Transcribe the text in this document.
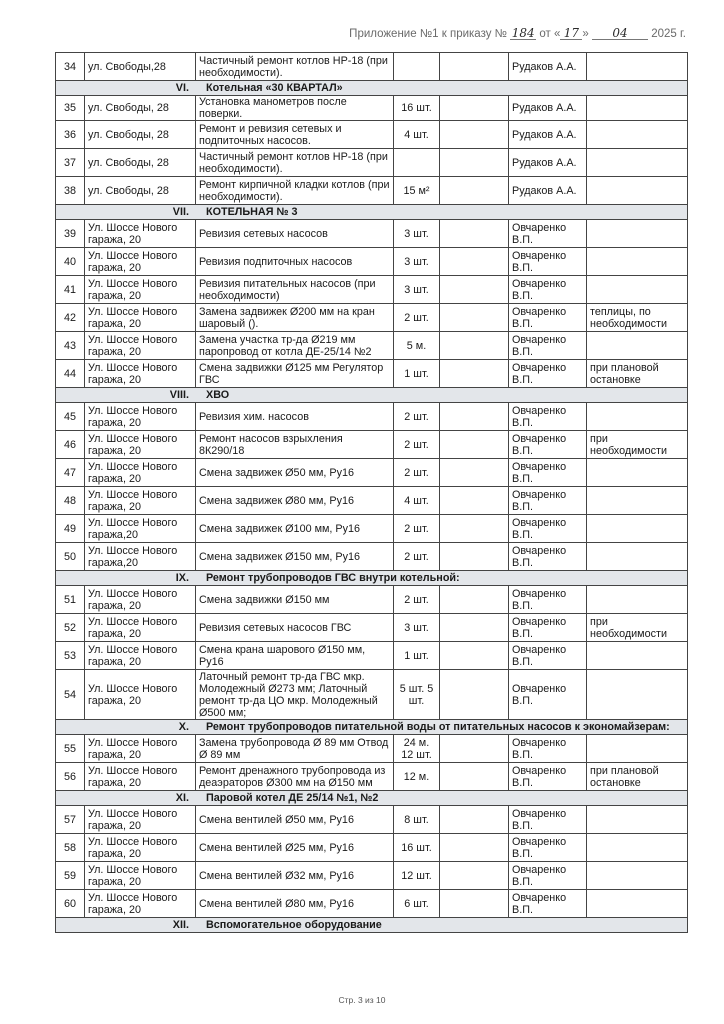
Приложение №1 к приказу № 184 от « 17 » 04 2025 г.
34	ул. Свободы,28	Частичный ремонт котлов НР-18 (при необходимости).			Рудаков А.А.	
VI.		Котельная «30 КВАРТАЛ»				
35	ул. Свободы, 28	Установка манометров после поверки.	16 шт.		Рудаков А.А.	
36	ул. Свободы, 28	Ремонт и ревизия сетевых и подпиточных насосов.	4 шт.		Рудаков А.А.	
37	ул. Свободы, 28	Частичный ремонт котлов НР-18 (при необходимости).			Рудаков А.А.	
38	ул. Свободы, 28	Ремонт кирпичной кладки котлов (при необходимости).	15 м²		Рудаков А.А.	
VII.		КОТЕЛЬНАЯ № 3				
39	Ул. Шоссе Нового гаража, 20	Ревизия сетевых насосов	3 шт.		Овчаренко В.П.	
40	Ул. Шоссе Нового гаража, 20	Ревизия подпиточных насосов	3 шт.		Овчаренко В.П.	
41	Ул. Шоссе Нового гаража, 20	Ревизия питательных насосов (при необходимости)	3 шт.		Овчаренко В.П.	
42	Ул. Шоссе Нового гаража, 20	Замена задвижек Ø200 мм на кран шаровый ().	2 шт.		Овчаренко В.П.	теплицы, по необходимости
43	Ул. Шоссе Нового гаража, 20	Замена участка тр-да Ø219 мм паропровод от котла ДЕ-25/14 №2	5 м.		Овчаренко В.П.	
44	Ул. Шоссе Нового гаража, 20	Смена задвижки Ø125 мм Регулятор ГВС	1 шт.		Овчаренко В.П.	при плановой остановке
VIII.		ХВО				
45	Ул. Шоссе Нового гаража, 20	Ревизия хим. насосов	2 шт.		Овчаренко В.П.	
46	Ул. Шоссе Нового гаража, 20	Ремонт насосов взрыхления 8К290/18	2 шт.		Овчаренко В.П.	при необходимости
47	Ул. Шоссе Нового гаража, 20	Смена задвижек Ø50 мм, Ру16	2 шт.		Овчаренко В.П.	
48	Ул. Шоссе Нового гаража, 20	Смена задвижек Ø80 мм, Ру16	4 шт.		Овчаренко В.П.	
49	Ул. Шоссе Нового гаража,20	Смена задвижек Ø100 мм, Ру16	2 шт.		Овчаренко В.П.	
50	Ул. Шоссе Нового гаража,20	Смена задвижек Ø150 мм, Ру16	2 шт.		Овчаренко В.П.	
IX.		Ремонт трубопроводов ГВС внутри котельной:				
51	Ул. Шоссе Нового гаража, 20	Смена задвижки Ø150 мм	2 шт.		Овчаренко В.П.	
52	Ул. Шоссе Нового гаража, 20	Ревизия сетевых насосов ГВС	3 шт.		Овчаренко В.П.	при необходимости
53	Ул. Шоссе Нового гаража, 20	Смена крана шарового Ø150 мм, Ру16	1 шт.		Овчаренко В.П.	
54	Ул. Шоссе Нового гаража, 20	Латочный ремонт тр-да ГВС мкр. Молодежный Ø273 мм; Латочный ремонт тр-да ЦО мкр. Молодежный Ø500 мм;	5 шт. 5 шт.		Овчаренко В.П.	
X.		Ремонт трубопроводов питательной воды от питательных насосов к экономайзерам:				
55	Ул. Шоссе Нового гаража, 20	Замена трубопровода Ø 89 мм Отвод Ø 89 мм	24 м. 12 шт.		Овчаренко В.П.	
56	Ул. Шоссе Нового гаража, 20	Ремонт дренажного трубопровода из деаэраторов Ø300 мм на Ø150 мм	12 м.		Овчаренко В.П.	при плановой остановке
XI.		Паровой котел ДЕ 25/14 №1, №2				
57	Ул. Шоссе Нового гаража, 20	Смена вентилей Ø50 мм, Ру16	8 шт.		Овчаренко В.П.	
58	Ул. Шоссе Нового гаража, 20	Смена вентилей Ø25 мм, Ру16	16 шт.		Овчаренко В.П.	
59	Ул. Шоссе Нового гаража, 20	Смена вентилей Ø32 мм, Ру16	12 шт.		Овчаренко В.П.	
60	Ул. Шоссе Нового гаража, 20	Смена вентилей Ø80 мм, Ру16	6 шт.		Овчаренко В.П.	
XII.		Вспомогательное оборудование				
Стр. 3 из 10
